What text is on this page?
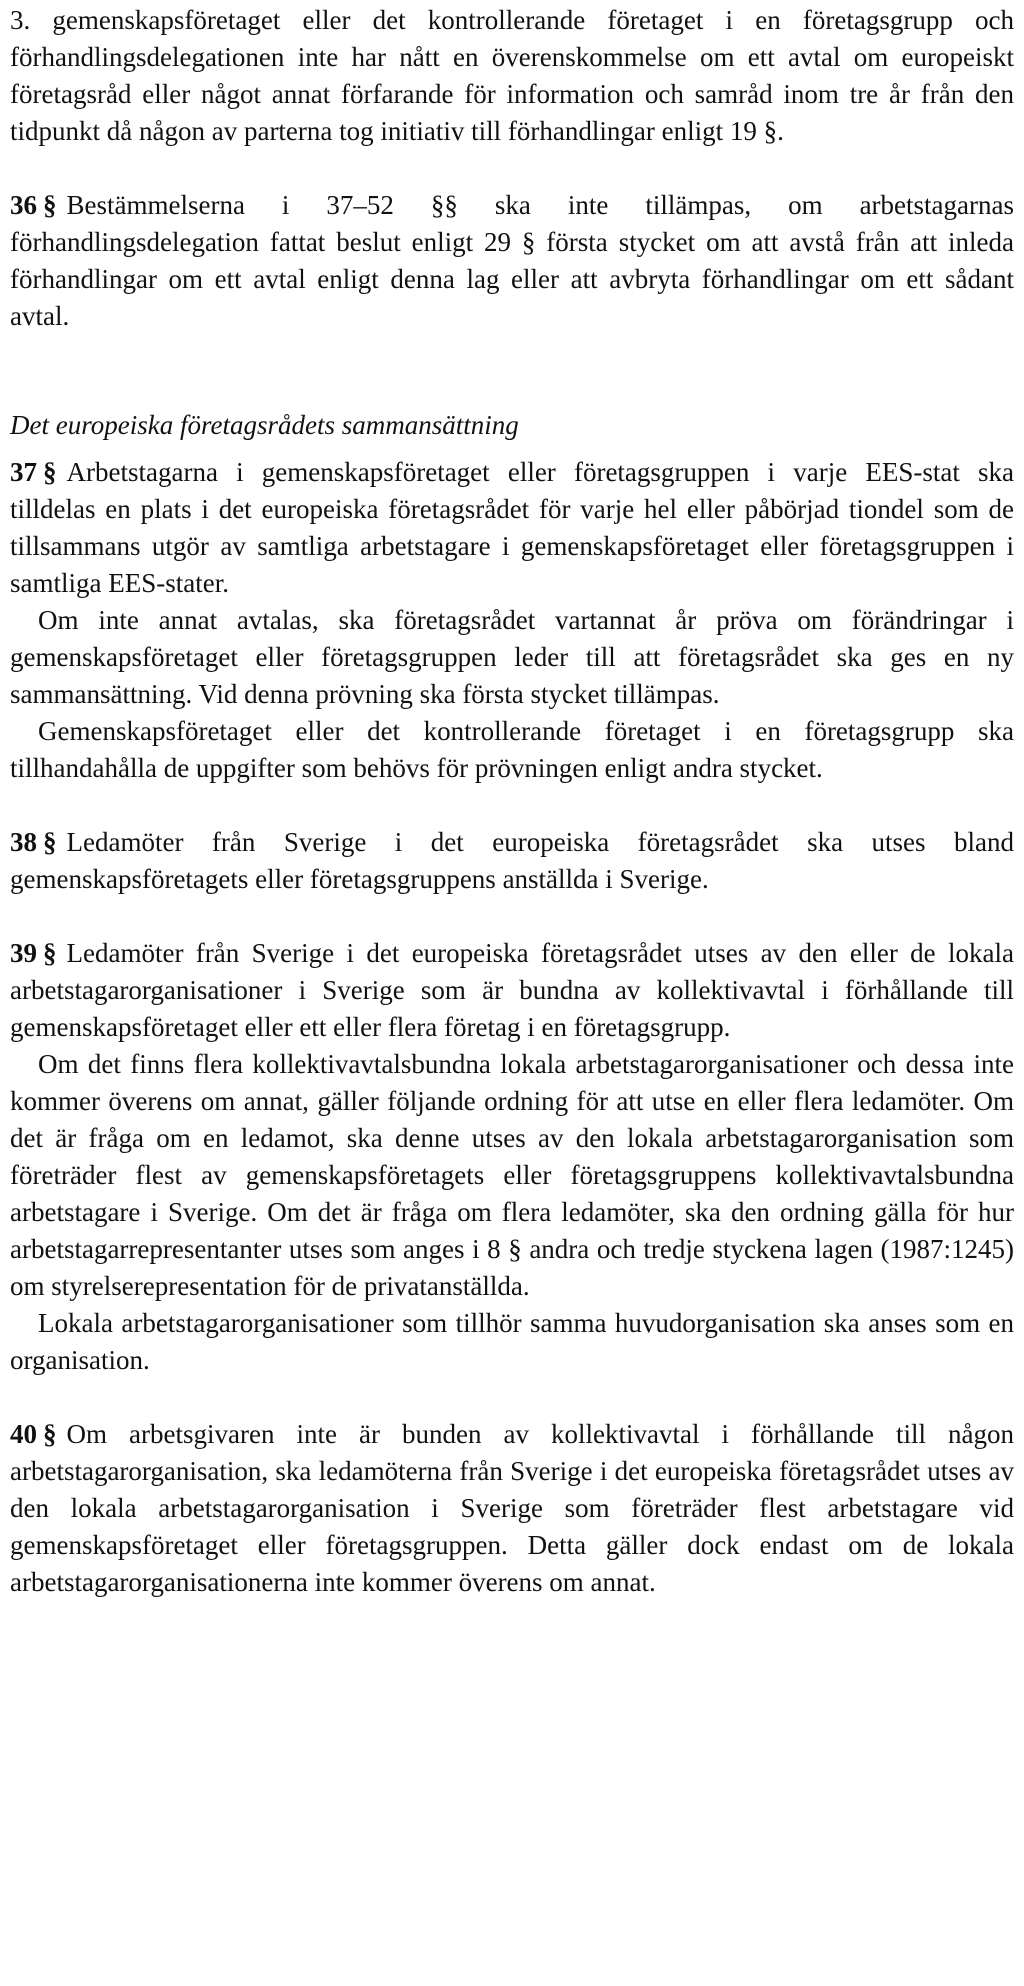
3. gemenskapsföretaget eller det kontrollerande företaget i en företagsgrupp och förhandlingsdelegationen inte har nått en överenskommelse om ett avtal om europeiskt företagsråd eller något annat förfarande för information och samråd inom tre år från den tidpunkt då någon av parterna tog initiativ till förhandlingar enligt 19 §.

36 § Bestämmelserna i 37–52 §§ ska inte tillämpas, om arbetstagarnas förhandlingsdelegation fattat beslut enligt 29 § första stycket om att avstå från att inleda förhandlingar om ett avtal enligt denna lag eller att avbryta förhandlingar om ett sådant avtal.

Det europeiska företagsrådets sammansättning

37 § Arbetstagarna i gemenskapsföretaget eller företagsgruppen i varje EES-stat ska tilldelas en plats i det europeiska företagsrådet för varje hel eller påbörjad tiondel som de tillsammans utgör av samtliga arbetstagare i gemenskapsföretaget eller företagsgruppen i samtliga EES-stater.

Om inte annat avtalas, ska företagsrådet vartannat år pröva om förändringar i gemenskapsföretaget eller företagsgruppen leder till att företagsrådet ska ges en ny sammansättning. Vid denna prövning ska första stycket tillämpas.

Gemenskapsföretaget eller det kontrollerande företaget i en företagsgrupp ska tillhandahålla de uppgifter som behövs för prövningen enligt andra stycket.

38 § Ledamöter från Sverige i det europeiska företagsrådet ska utses bland gemenskapsföretagets eller företagsgruppens anställda i Sverige.

39 § Ledamöter från Sverige i det europeiska företagsrådet utses av den eller de lokala arbetstagarorganisationer i Sverige som är bundna av kollektivavtal i förhållande till gemenskapsföretaget eller ett eller flera företag i en företagsgrupp.

Om det finns flera kollektivavtalsbundna lokala arbetstagarorganisationer och dessa inte kommer överens om annat, gäller följande ordning för att utse en eller flera ledamöter. Om det är fråga om en ledamot, ska denne utses av den lokala arbetstagarorganisation som företräder flest av gemenskapsföretagets eller företagsgruppens kollektivavtalsbundna arbetstagare i Sverige. Om det är fråga om flera ledamöter, ska den ordning gälla för hur arbetstagarrepresentanter utses som anges i 8 § andra och tredje styckena lagen (1987:1245) om styrelserepresentation för de privatanställda.

Lokala arbetstagarorganisationer som tillhör samma huvudorganisation ska anses som en organisation.

40 § Om arbetsgivaren inte är bunden av kollektivavtal i förhållande till någon arbetstagarorganisation, ska ledamöterna från Sverige i det europeiska företagsrådet utses av den lokala arbetstagarorganisation i Sverige som företräder flest arbetstagare vid gemenskapsföretaget eller företagsgruppen. Detta gäller dock endast om de lokala arbetstagarorganisationerna inte kommer överens om annat.
